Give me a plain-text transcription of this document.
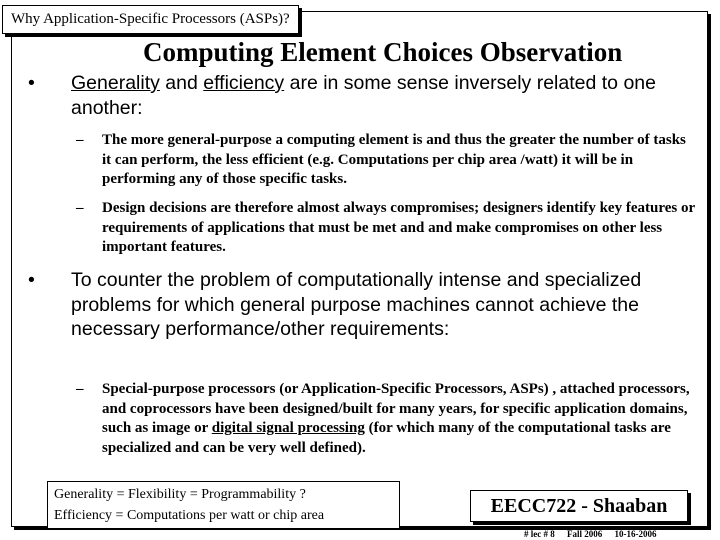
Why Application-Specific Processors (ASPs)?
Computing Element Choices Observation
• Generality and efficiency are in some sense inversely related to one another:
– The more general-purpose a computing element is and thus the greater the number of tasks it can perform, the less efficient (e.g. Computations per chip area /watt) it will be in performing any of those specific tasks.
– Design decisions are therefore almost always compromises; designers identify key features or requirements of applications that must be met and and make compromises on other less important features.
• To counter the problem of computationally intense and specialized problems for which general purpose machines cannot achieve the necessary performance/other requirements:
– Special-purpose processors (or Application-Specific Processors, ASPs) , attached processors, and coprocessors have been designed/built for many years, for specific application domains, such as image or digital signal processing (for which many of the computational tasks are specialized and can be very well defined).
Generality = Flexibility = Programmability ?
Efficiency = Computations per watt or chip area	EECC722 - Shaaban
# lec # 8 Fall 2006 10-16-2006
